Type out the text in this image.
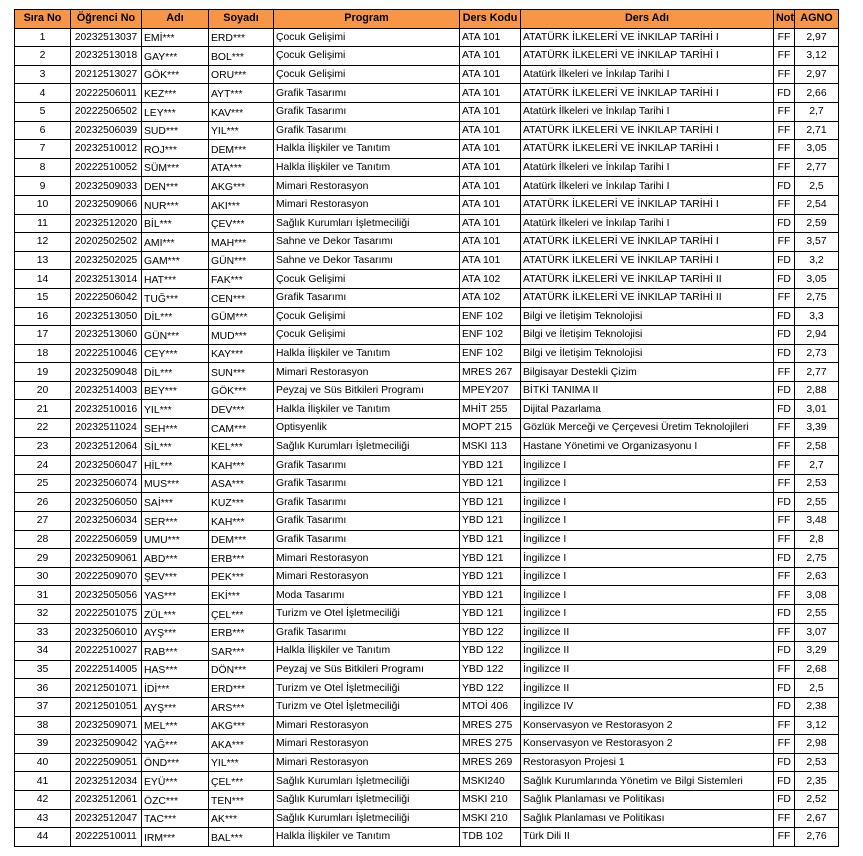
Sıra No	Öğrenci No	Adı	Soyadı	Program	Ders Kodu	Ders Adı	Not	AGNO
1	20232513037	EMİ***	ERD***	Çocuk Gelişimi	ATA 101	ATATÜRK İLKELERİ VE İNKILAP TARİHİ I	FF	2,97
2	20232513018	GAY***	BOL***	Çocuk Gelişimi	ATA 101	ATATÜRK İLKELERİ VE İNKILAP TARİHİ I	FF	3,12
3	20212513027	GÖK***	ORU***	Çocuk Gelişimi	ATA 101	Atatürk İlkeleri ve İnkılap Tarihi I	FF	2,97
4	20222506011	KEZ***	AYT***	Grafik Tasarımı	ATA 101	ATATÜRK İLKELERİ VE İNKILAP TARİHİ I	FD	2,66
5	20222506502	LEY***	KAV***	Grafik Tasarımı	ATA 101	Atatürk İlkeleri ve İnkılap Tarihi I	FF	2,7
6	20232506039	SUD***	YIL***	Grafik Tasarımı	ATA 101	ATATÜRK İLKELERİ VE İNKILAP TARİHİ I	FF	2,71
7	20232510012	ROJ***	DEM***	Halkla İlişkiler ve Tanıtım	ATA 101	ATATÜRK İLKELERİ VE İNKILAP TARİHİ I	FF	3,05
8	20222510052	SÜM***	ATA***	Halkla İlişkiler ve Tanıtım	ATA 101	Atatürk İlkeleri ve İnkılap Tarihi I	FF	2,77
9	20232509033	DEN***	AKG***	Mimari Restorasyon	ATA 101	Atatürk İlkeleri ve İnkılap Tarihi I	FD	2,5
10	20232509066	NUR***	AKI***	Mimari Restorasyon	ATA 101	ATATÜRK İLKELERİ VE İNKILAP TARİHİ I	FF	2,54
11	20232512020	BİL***	ÇEV***	Sağlık Kurumları İşletmeciliği	ATA 101	Atatürk İlkeleri ve İnkılap Tarihi I	FD	2,59
12	20202502502	AMI***	MAH***	Sahne ve Dekor Tasarımı	ATA 101	ATATÜRK İLKELERİ VE İNKILAP TARİHİ I	FF	3,57
13	20232502025	GAM***	GÜN***	Sahne ve Dekor Tasarımı	ATA 101	ATATÜRK İLKELERİ VE İNKILAP TARİHİ I	FD	3,2
14	20232513014	HAT***	FAK***	Çocuk Gelişimi	ATA 102	ATATÜRK İLKELERİ VE İNKILAP TARİHİ II	FD	3,05
15	20222506042	TUĞ***	CEN***	Grafik Tasarımı	ATA 102	ATATÜRK İLKELERİ VE İNKILAP TARİHİ II	FF	2,75
16	20232513050	DİL***	GÜM***	Çocuk Gelişimi	ENF 102	Bilgi ve İletişim Teknolojisi	FD	3,3
17	20232513060	GÜN***	MUD***	Çocuk Gelişimi	ENF 102	Bilgi ve İletişim Teknolojisi	FD	2,94
18	20222510046	CEY***	KAY***	Halkla İlişkiler ve Tanıtım	ENF 102	Bilgi ve İletişim Teknolojisi	FD	2,73
19	20232509048	DİL***	SUN***	Mimari Restorasyon	MRES 267	Bilgisayar Destekli Çizim	FF	2,77
20	20232514003	BEY***	GÖK***	Peyzaj ve Süs Bitkileri Programı	MPEY207	BİTKİ TANIMA II	FD	2,88
21	20232510016	YIL***	DEV***	Halkla İlişkiler ve Tanıtım	MHİT 255	Dijital Pazarlama	FD	3,01
22	20232511024	SEH***	CAM***	Optisyenlik	MOPT 215	Gözlük Merceği ve Çerçevesi Üretim Teknolojileri	FF	3,39
23	20232512064	SİL***	KEL***	Sağlık Kurumları İşletmeciliği	MSKI 113	Hastane Yönetimi ve Organizasyonu I	FF	2,58
24	20232506047	HİL***	KAH***	Grafik Tasarımı	YBD 121	İngilizce I	FF	2,7
25	20232506074	MUS***	ASA***	Grafik Tasarımı	YBD 121	İngilizce I	FF	2,53
26	20232506050	SAİ***	KUZ***	Grafik Tasarımı	YBD 121	İngilizce I	FD	2,55
27	20232506034	SER***	KAH***	Grafik Tasarımı	YBD 121	İngilizce I	FF	3,48
28	20222506059	UMU***	DEM***	Grafik Tasarımı	YBD 121	İngilizce I	FF	2,8
29	20232509061	ABD***	ERB***	Mimari Restorasyon	YBD 121	İngilizce I	FD	2,75
30	20222509070	ŞEV***	PEK***	Mimari Restorasyon	YBD 121	İngilizce I	FF	2,63
31	20232505056	YAS***	EKİ***	Moda Tasarımı	YBD 121	İngilizce I	FF	3,08
32	20222501075	ZÜL***	ÇEL***	Turizm ve Otel İşletmeciliği	YBD 121	İngilizce I	FD	2,55
33	20232506010	AYŞ***	ERB***	Grafik Tasarımı	YBD 122	İngilizce II	FF	3,07
34	20222510027	RAB***	SAR***	Halkla İlişkiler ve Tanıtım	YBD 122	İngilizce II	FD	3,29
35	20222514005	HAS***	DÖN***	Peyzaj ve Süs Bitkileri Programı	YBD 122	İngilizce II	FF	2,68
36	20212501071	İDİ***	ERD***	Turizm ve Otel İşletmeciliği	YBD 122	İngilizce II	FD	2,5
37	20212501051	AYŞ***	ARS***	Turizm ve Otel İşletmeciliği	MTOİ 406	İngilizce IV	FD	2,38
38	20232509071	MEL***	AKG***	Mimari Restorasyon	MRES 275	Konservasyon ve Restorasyon 2	FF	3,12
39	20232509042	YAĞ***	AKA***	Mimari Restorasyon	MRES 275	Konservasyon ve Restorasyon 2	FF	2,98
40	20222509051	ÖND***	YIL***	Mimari Restorasyon	MRES 269	Restorasyon Projesi 1	FD	2,53
41	20232512034	EYÜ***	ÇEL***	Sağlık Kurumları İşletmeciliği	MSKI240	Sağlık Kurumlarında Yönetim ve Bilgi Sistemleri	FD	2,35
42	20232512061	ÖZC***	TEN***	Sağlık Kurumları İşletmeciliği	MSKI 210	Sağlık Planlaması ve Politikası	FD	2,52
43	20232512047	TAC***	AK***	Sağlık Kurumları İşletmeciliği	MSKI 210	Sağlık Planlaması ve Politikası	FF	2,67
44	20222510011	IRM***	BAL***	Halkla İlişkiler ve Tanıtım	TDB 102	Türk Dili II	FF	2,76
